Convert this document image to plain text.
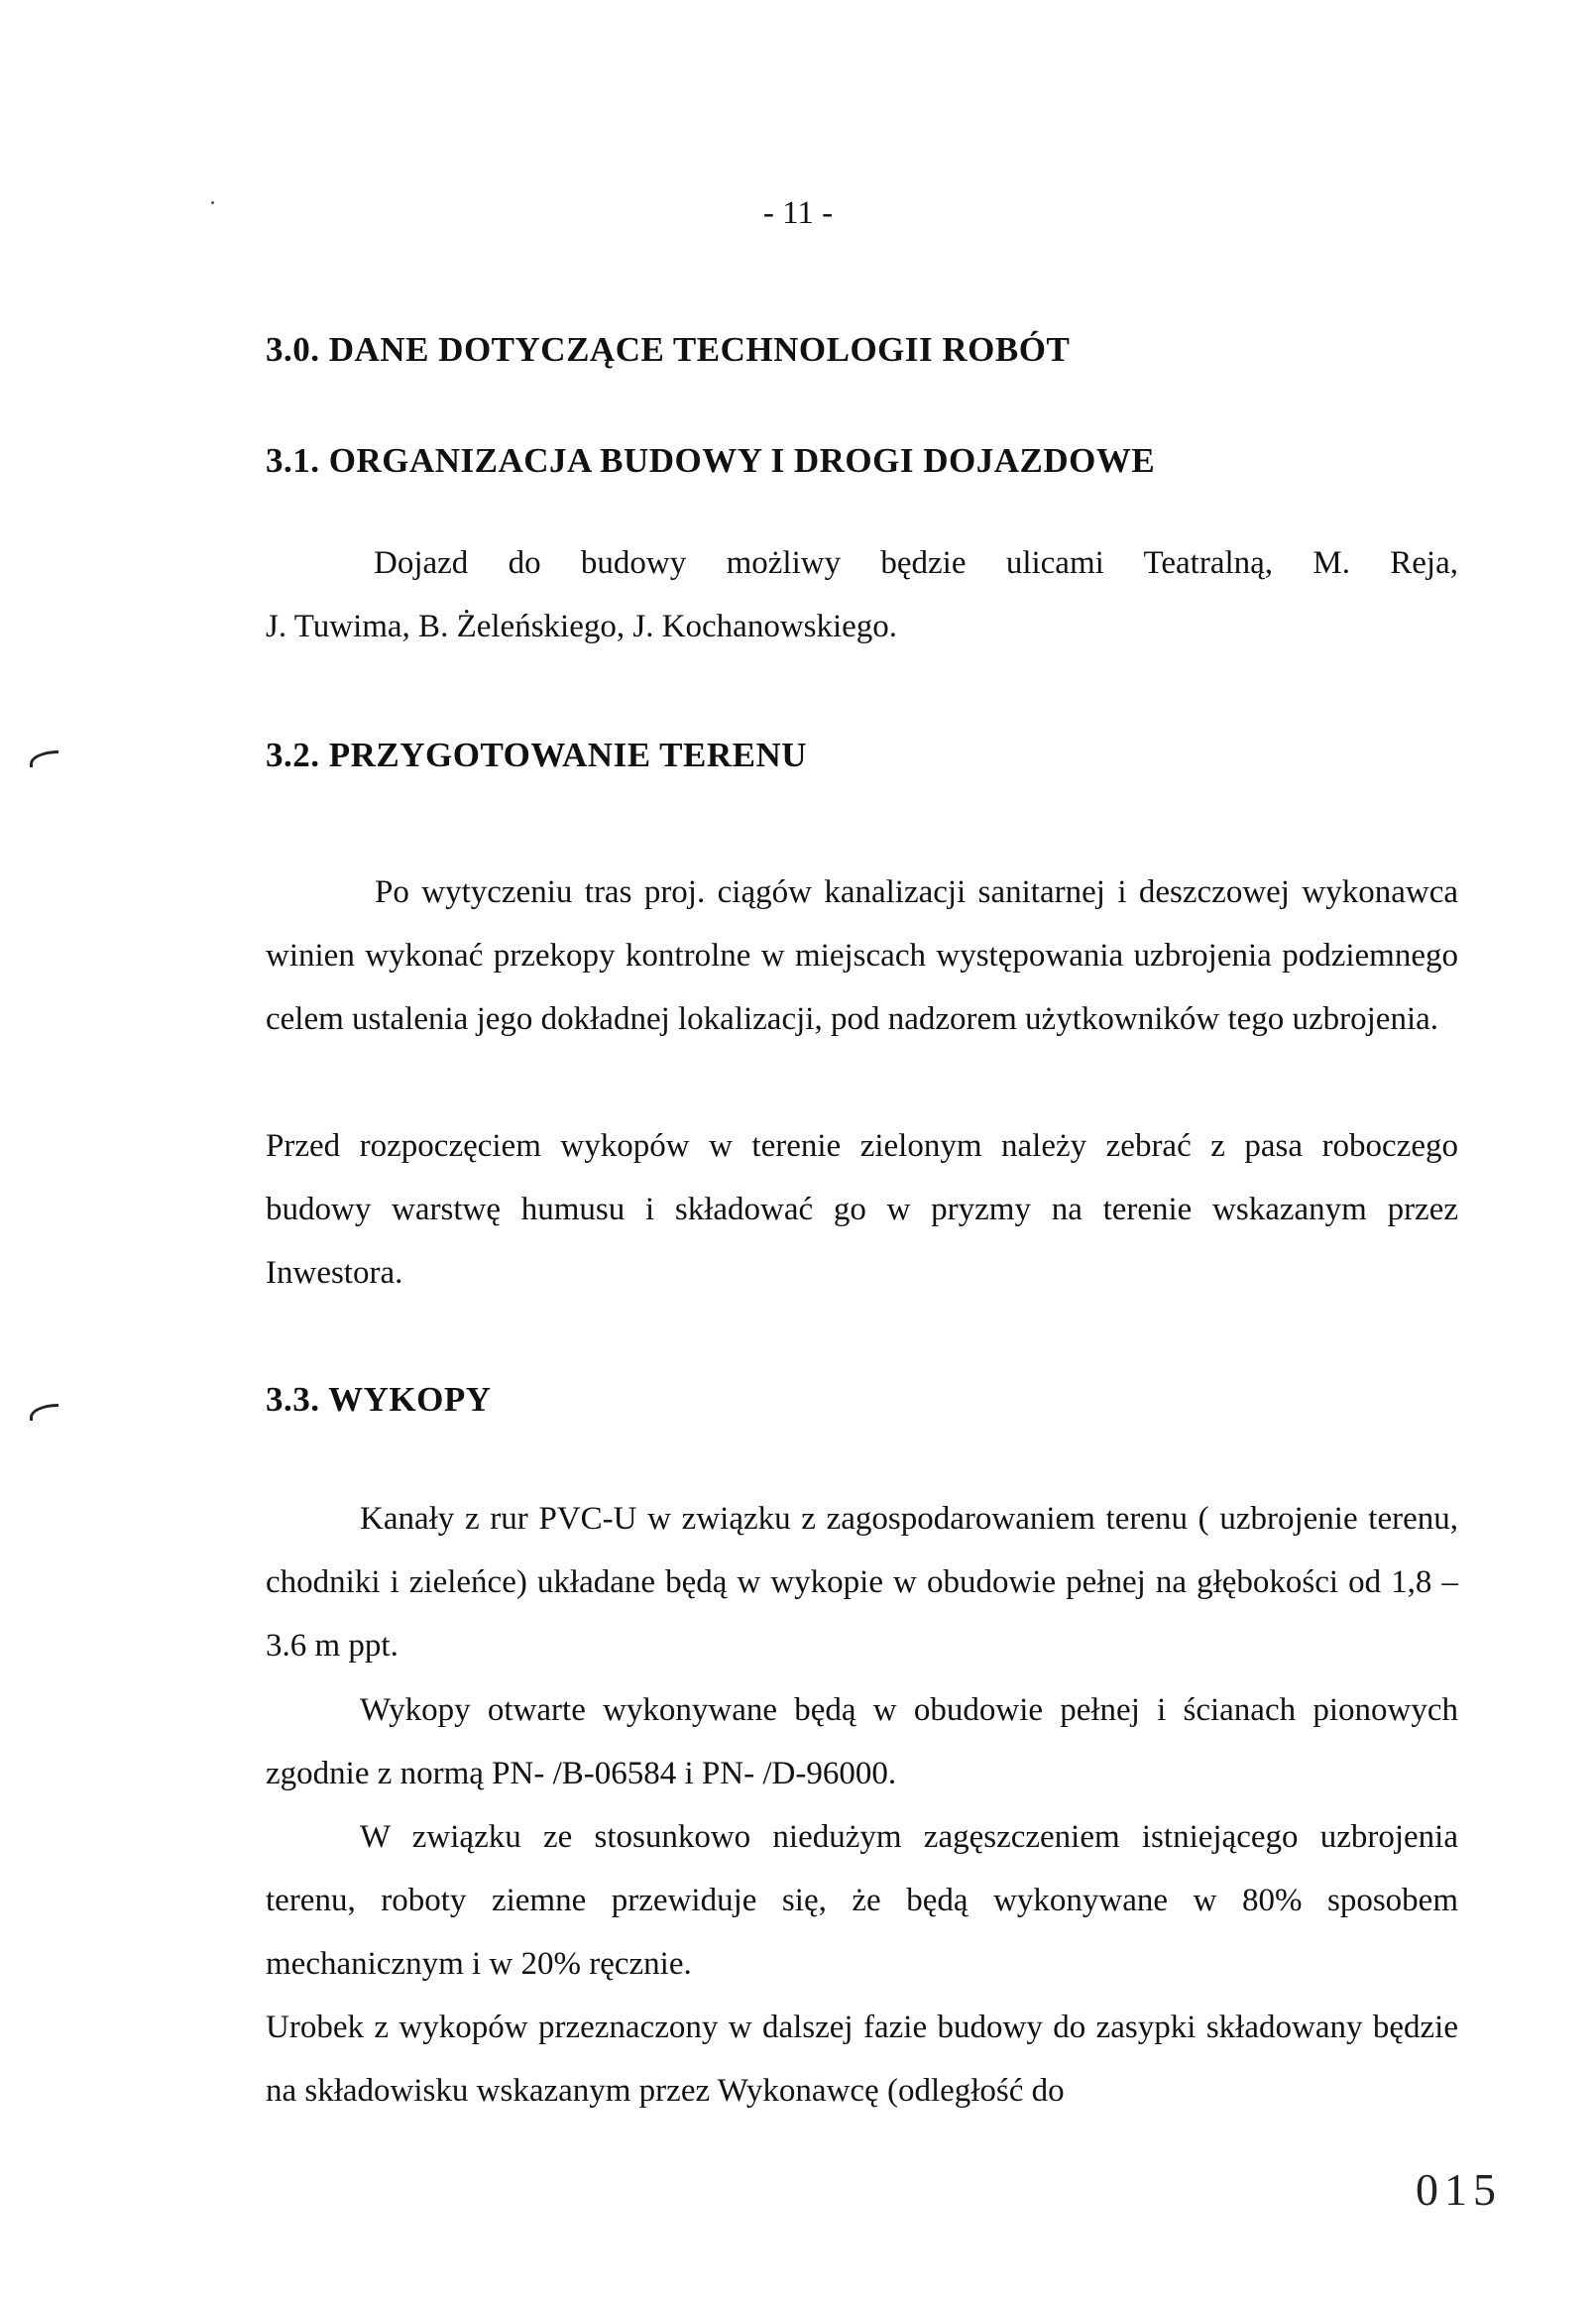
- 11 -
3.0. DANE DOTYCZĄCE TECHNOLOGII ROBÓT
3.1. ORGANIZACJA BUDOWY I DROGI DOJAZDOWE
Dojazd do budowy możliwy będzie ulicami Teatralną, M. Reja,
J. Tuwima, B. Żeleńskiego, J. Kochanowskiego.
3.2. PRZYGOTOWANIE TERENU

Po wytyczeniu tras proj. ciągów kanalizacji sanitarnej i deszczowej wykonawca winien wykonać przekopy kontrolne w miejscach występowania uzbrojenia podziemnego celem ustalenia jego dokładnej lokalizacji, pod nadzorem użytkowników tego uzbrojenia.

Przed rozpoczęciem wykopów w terenie zielonym należy zebrać z pasa roboczego budowy warstwę humusu i składować go w pryzmy na terenie wskazanym przez Inwestora.

3.3. WYKOPY

Kanały z rur PVC-U w związku z zagospodarowaniem terenu ( uzbrojenie terenu, chodniki i zieleńce) układane będą w wykopie w obudowie pełnej na głębokości od 1,8 – 3.6 m ppt.

Wykopy otwarte wykonywane będą w obudowie pełnej i ścianach pionowych zgodnie z normą PN- /B-06584 i PN- /D-96000.

W związku ze stosunkowo niedużym zagęszczeniem istniejącego uzbrojenia terenu, roboty ziemne przewiduje się, że będą wykonywane w 80% sposobem mechanicznym i w 20% ręcznie.

Urobek z wykopów przeznaczony w dalszej fazie budowy do zasypki składowany będzie na składowisku wskazanym przez Wykonawcę (odległość do

015
